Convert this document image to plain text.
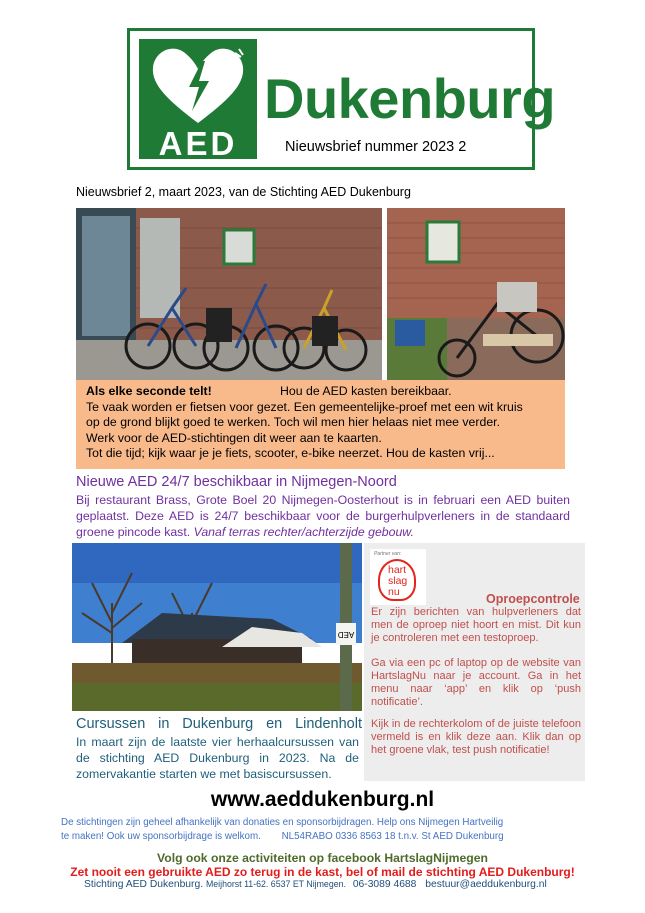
AED
Dukenburg
Nieuwsbrief nummer 2023 2
Nieuwsbrief 2, maart 2023, van de Stichting AED Dukenburg
Als elke seconde telt!	Hou de AED kasten bereikbaar.
Te vaak worden er fietsen voor gezet. Een gemeentelijke-proef met een wit kruis
op de grond blijkt goed te werken. Toch wil men hier helaas niet mee verder.
Werk voor de AED-stichtingen dit weer aan te kaarten.
Tot die tijd; kijk waar je je fiets, scooter, e-bike neerzet. Hou de kasten vrij...
Nieuwe AED 24/7 beschikbaar in Nijmegen-Noord
Bij restaurant Brass, Grote Boel 20 Nijmegen-Oosterhout is in februari een AED buiten geplaatst. Deze AED is 24/7 beschikbaar voor de burgerhulpverleners in de standaard groene pincode kast. Vanaf terras rechter/achterzijde gebouw.
AED
Partner van:
hart
slag
nu	Oproepcontrole
Er zijn berichten van hulpverleners dat men de oproep niet hoort en mist. Dit kun je controleren met een testoproep.
Ga via een pc of laptop op de website van HartslagNu naar je account. Ga in het menu naar ‘app’ en klik op ‘push notificatie’.
Kijk in de rechterkolom of de juiste telefoon vermeld is en klik deze aan. Klik dan op het groene vlak, test push notificatie!
Cursussen in Dukenburg en Lindenholt
In maart zijn de laatste vier herhaalcursussen van de stichting AED Dukenburg in 2023. Na de zomervakantie starten we met basiscursussen.
www.aeddukenburg.nl
De stichtingen zijn geheel afhankelijk van donaties en sponsorbijdragen. Help ons Nijmegen Hartveilig
te maken! Ook uw sponsorbijdrage is welkom. NL54RABO 0336 8563 18 t.n.v. St AED Dukenburg
Volg ook onze activiteiten op facebook HartslagNijmegen
Zet nooit een gebruikte AED zo terug in de kast, bel of mail de stichting AED Dukenburg!
Stichting AED Dukenburg. Meijhorst 11-62. 6537 ET Nijmegen. 06-3089 4688 bestuur@aeddukenburg.nl
